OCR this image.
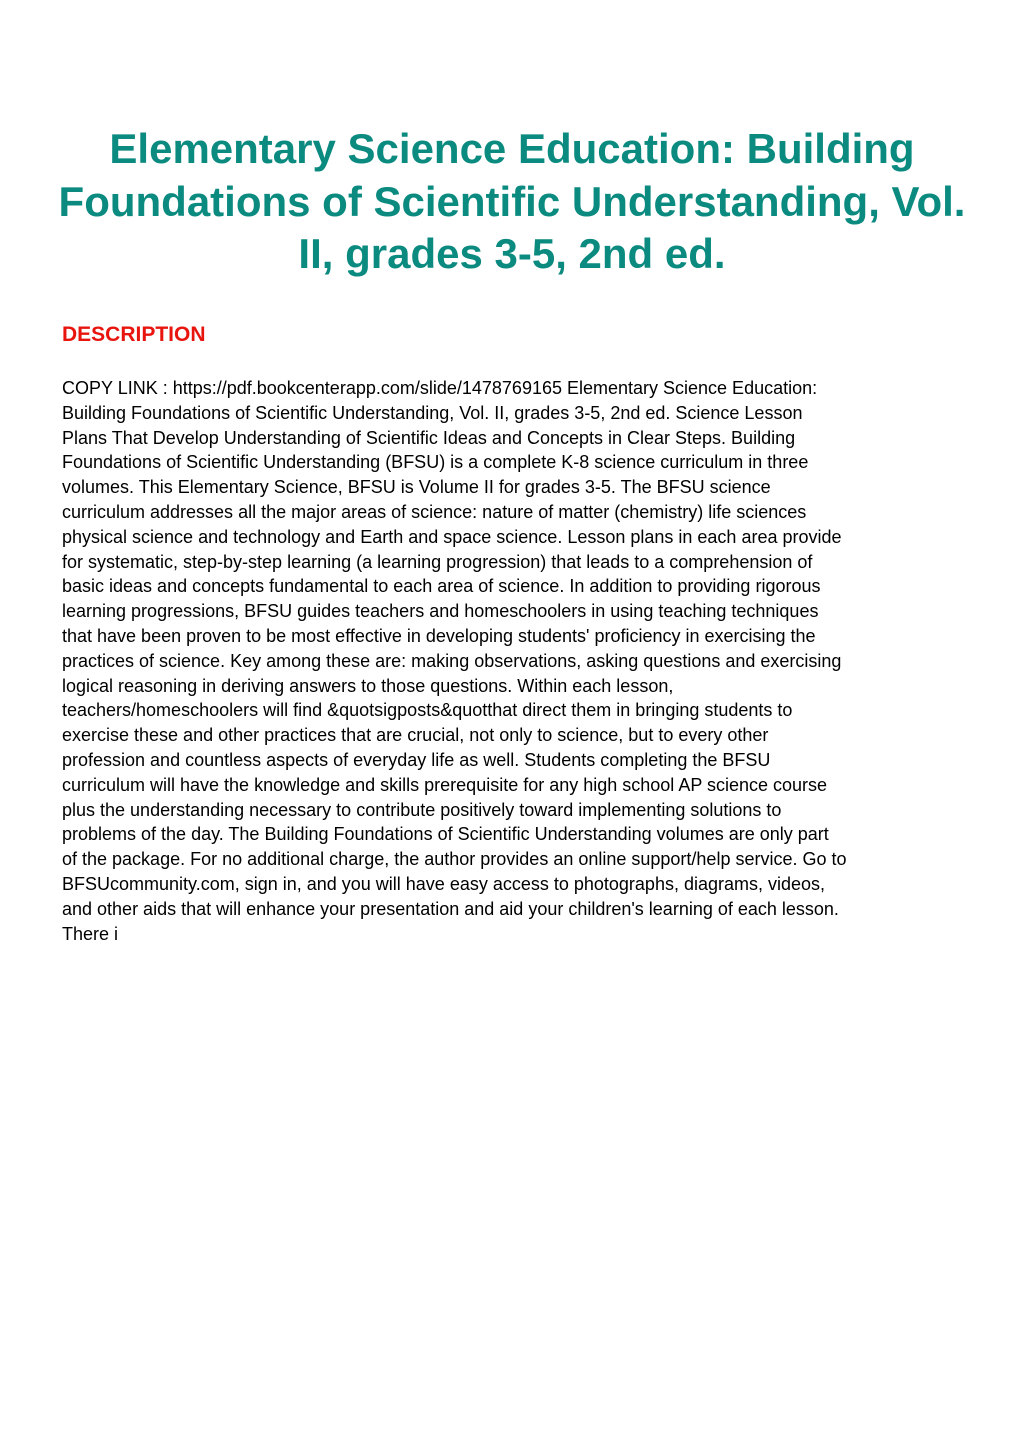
Elementary Science Education: Building
Foundations of Scientific Understanding, Vol.
II, grades 3-5, 2nd ed.
DESCRIPTION

COPY LINK : https://pdf.bookcenterapp.com/slide/1478769165 Elementary Science Education:
Building Foundations of Scientific Understanding, Vol. II, grades 3-5, 2nd ed. Science Lesson
Plans That Develop Understanding of Scientific Ideas and Concepts in Clear Steps. Building
Foundations of Scientific Understanding (BFSU) is a complete K-8 science curriculum in three
volumes. This Elementary Science, BFSU is Volume II for grades 3-5. The BFSU science
curriculum addresses all the major areas of science: nature of matter (chemistry) life sciences
physical science and technology and Earth and space science. Lesson plans in each area provide
for systematic, step-by-step learning (a learning progression) that leads to a comprehension of
basic ideas and concepts fundamental to each area of science. In addition to providing rigorous
learning progressions, BFSU guides teachers and homeschoolers in using teaching techniques
that have been proven to be most effective in developing students' proficiency in exercising the
practices of science. Key among these are: making observations, asking questions and exercising
logical reasoning in deriving answers to those questions. Within each lesson,
teachers/homeschoolers will find &quotsigposts&quotthat direct them in bringing students to
exercise these and other practices that are crucial, not only to science, but to every other
profession and countless aspects of everyday life as well. Students completing the BFSU
curriculum will have the knowledge and skills prerequisite for any high school AP science course
plus the understanding necessary to contribute positively toward implementing solutions to
problems of the day. The Building Foundations of Scientific Understanding volumes are only part
of the package. For no additional charge, the author provides an online support/help service. Go to
BFSUcommunity.com, sign in, and you will have easy access to photographs, diagrams, videos,
and other aids that will enhance your presentation and aid your children's learning of each lesson.
There i
